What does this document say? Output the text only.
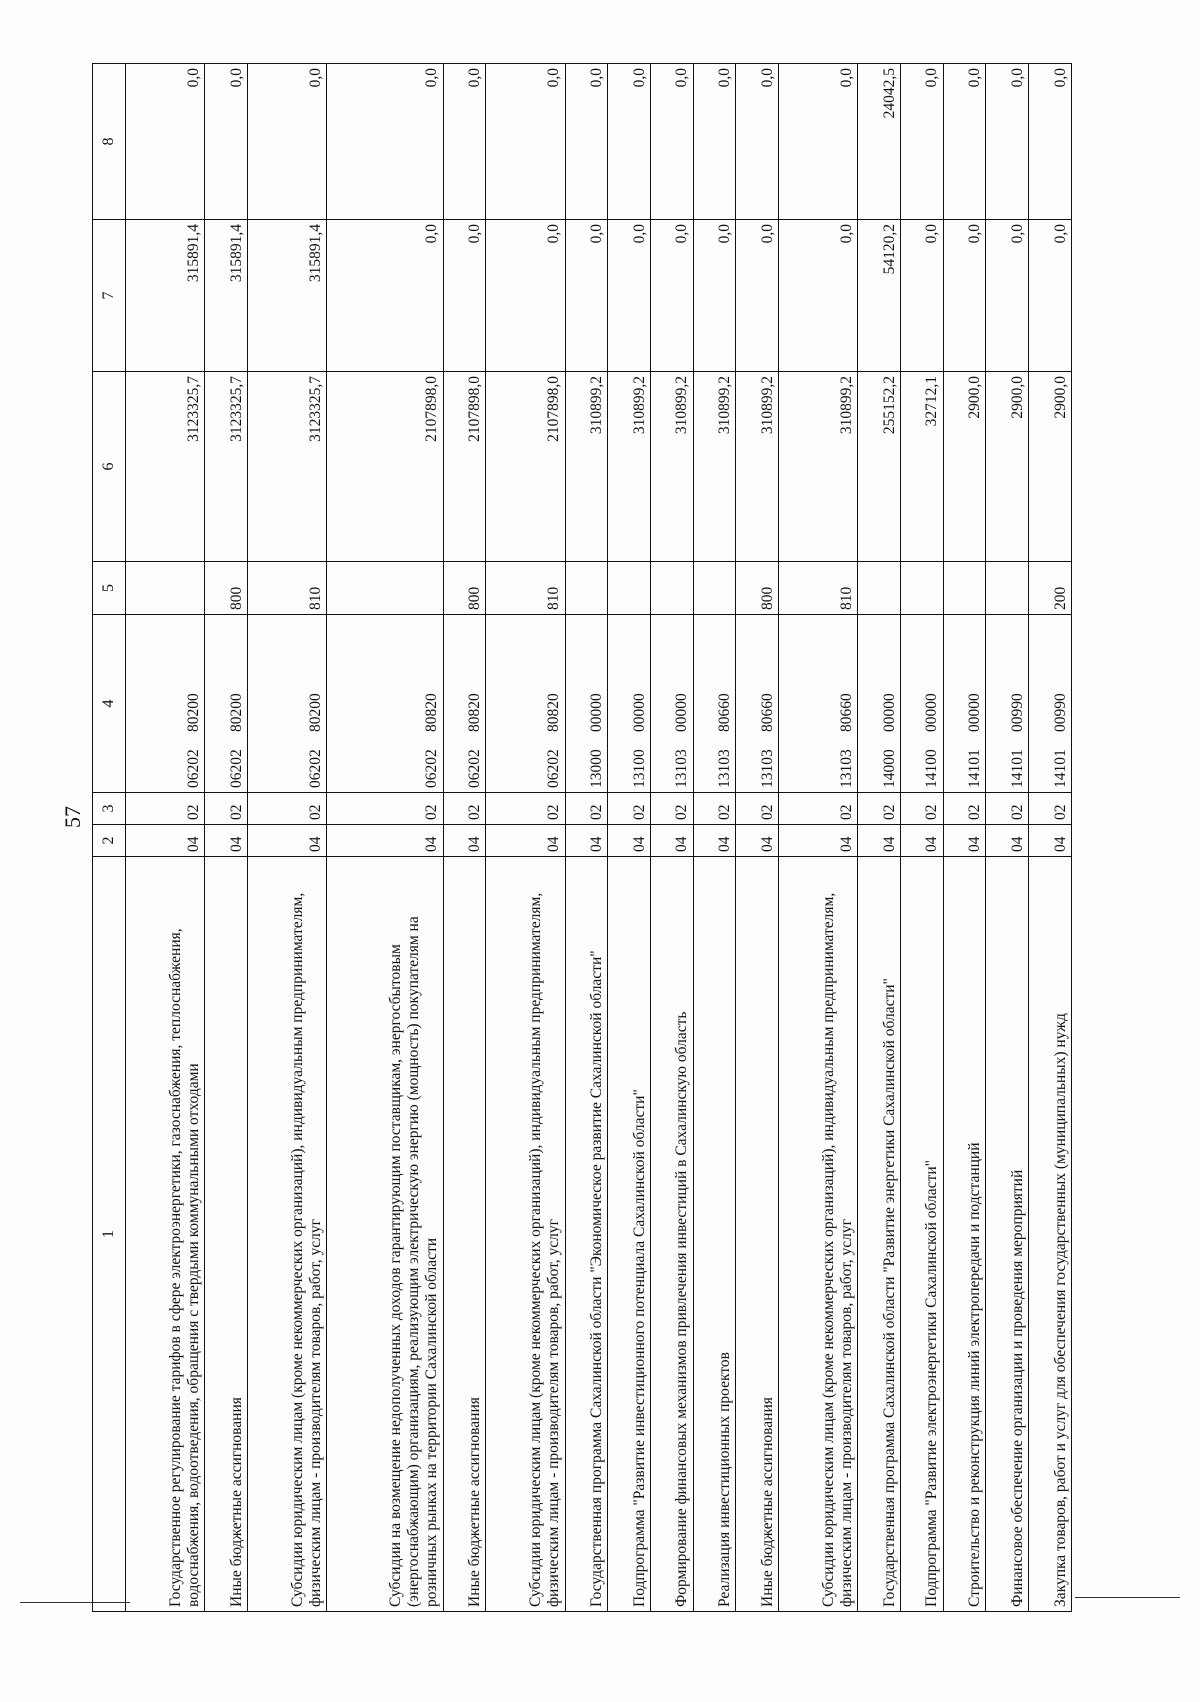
57
1	2	3	4	5	6	7	8
Государственное регулирование тарифов в сфере электроэнергетики, газоснабжения, теплоснабжения, водоснабжения, водоотведения, обращения с твердыми коммунальными отходами	04	02	0620280200		3123325,7	315891,4	0,0
Иные бюджетные ассигнования	04	02	0620280200	800	3123325,7	315891,4	0,0
Субсидии юридическим лицам (кроме некоммерческих организаций), индивидуальным предпринимателям, физическим лицам - производителям товаров, работ, услуг	04	02	0620280200	810	3123325,7	315891,4	0,0
Субсидии на возмещение недополученных доходов гарантирующим поставщикам, энергосбытовым (энергоснабжающим) организациям, реализующим электрическую энергию (мощность) покупателям на розничных рынках на территории Сахалинской области	04	02	0620280820		2107898,0	0,0	0,0
Иные бюджетные ассигнования	04	02	0620280820	800	2107898,0	0,0	0,0
Субсидии юридическим лицам (кроме некоммерческих организаций), индивидуальным предпринимателям, физическим лицам - производителям товаров, работ, услуг	04	02	0620280820	810	2107898,0	0,0	0,0
Государственная программа Сахалинской области "Экономическое развитие Сахалинской области"	04	02	1300000000		310899,2	0,0	0,0
Подпрограмма "Развитие инвестиционного потенциала Сахалинской области"	04	02	1310000000		310899,2	0,0	0,0
Формирование финансовых механизмов привлечения инвестиций в Сахалинскую область	04	02	1310300000		310899,2	0,0	0,0
Реализация инвестиционных проектов	04	02	1310380660		310899,2	0,0	0,0
Иные бюджетные ассигнования	04	02	1310380660	800	310899,2	0,0	0,0
Субсидии юридическим лицам (кроме некоммерческих организаций), индивидуальным предпринимателям, физическим лицам - производителям товаров, работ, услуг	04	02	1310380660	810	310899,2	0,0	0,0
Государственная программа Сахалинской области "Развитие энергетики Сахалинской области"	04	02	1400000000		255152,2	54120,2	24042,5
Подпрограмма "Развитие электроэнергетики Сахалинской области"	04	02	1410000000		32712,1	0,0	0,0
Строительство и реконструкция линий электропередачи и подстанций	04	02	1410100000		2900,0	0,0	0,0
Финансовое обеспечение организации и проведения мероприятий	04	02	1410100990		2900,0	0,0	0,0
Закупка товаров, работ и услуг для обеспечения государственных (муниципальных) нужд	04	02	1410100990	200	2900,0	0,0	0,0
